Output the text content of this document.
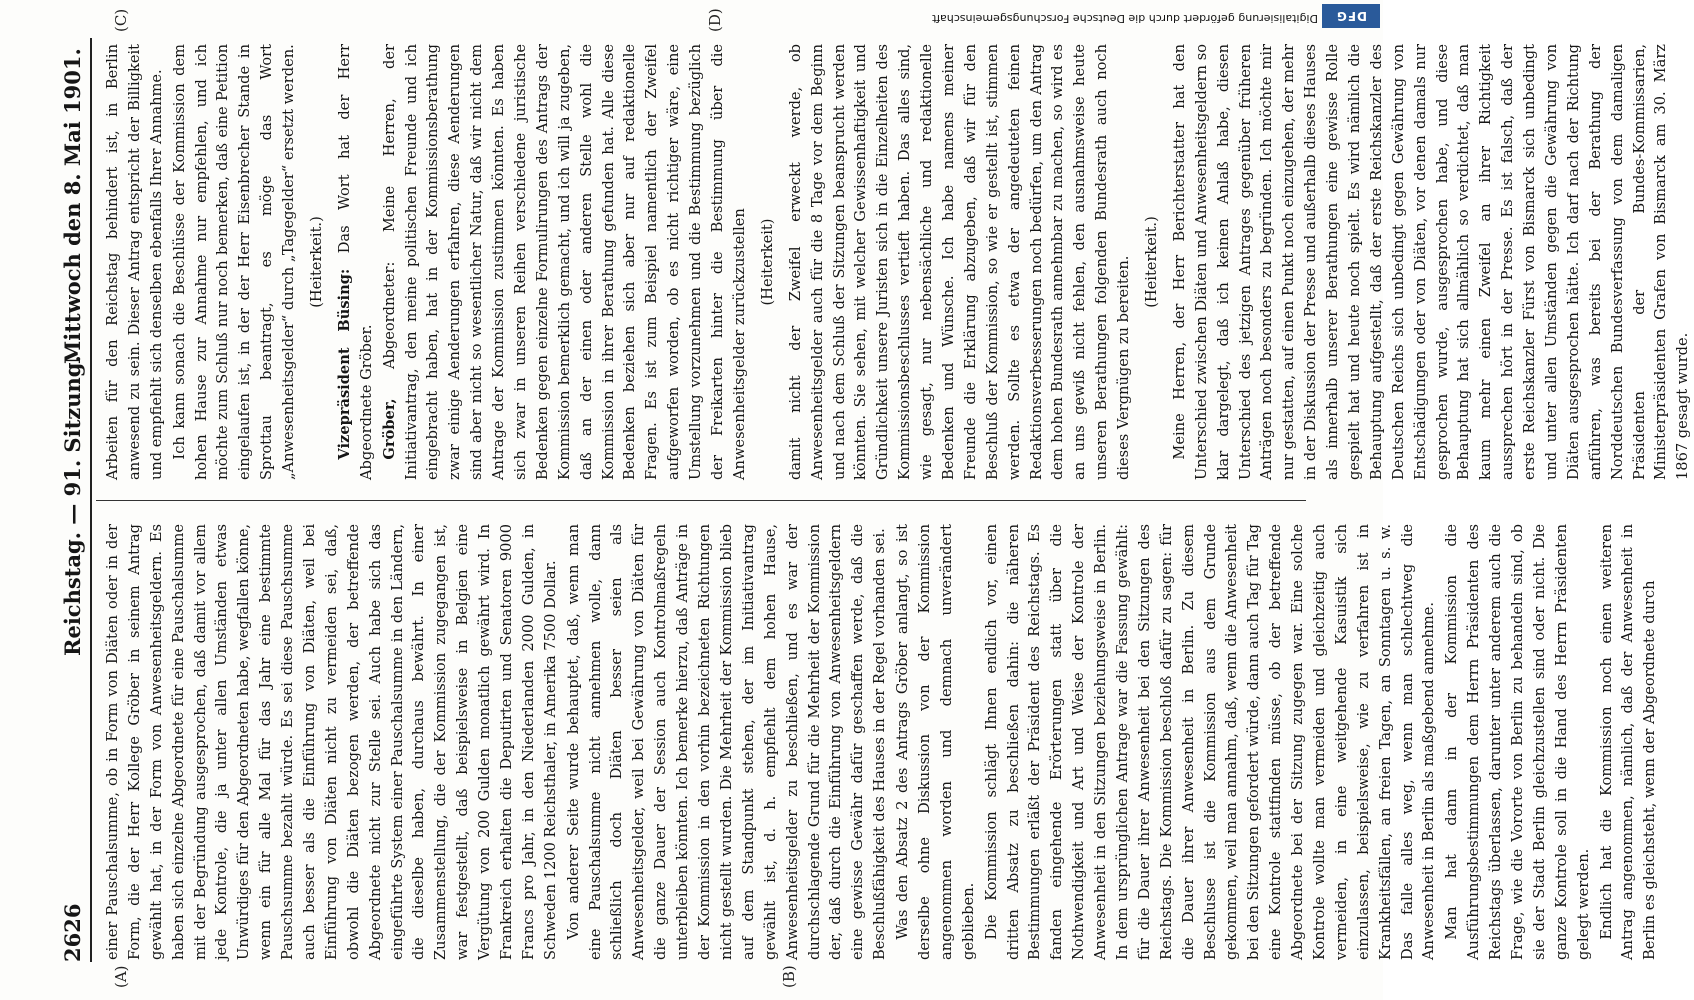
2626
Reichstag. — 91. Sitzung.
Mittwoch den 8. Mai 1901.
(A)	(B)
(C)	(D)

einer Pauschalsumme, ob in Form von Diäten oder in der Form, die der Herr Kollege Gröber in seinem Antrag gewählt hat, in der Form von Anwesenheitsgeldern. Es haben sich einzelne Abgeordnete für eine Pauschalsumme mit der Begründung ausgesprochen, daß damit vor allem jede Kontrole, die ja unter allen Umständen etwas Unwürdiges für den Abgeordneten habe, wegfallen könne, wenn ein für alle Mal für das Jahr eine bestimmte Pauschsumme bezahlt würde. Es sei diese Pauschsumme auch besser als die Einführung von Diäten, weil bei Einführung von Diäten nicht zu vermeiden sei, daß, obwohl die Diäten bezogen werden, der betreffende Abgeordnete nicht zur Stelle sei. Auch habe sich das eingeführte System einer Pauschalsumme in den Ländern, die dieselbe haben, durchaus bewährt. In einer Zusammenstellung, die der Kommission zugegangen ist, war festgestellt, daß beispielsweise in Belgien eine Vergütung von 200 Gulden monatlich gewährt wird. In Frankreich erhalten die Deputirten und Senatoren 9000 Francs pro Jahr, in den Niederlanden 2000 Gulden, in Schweden 1200 Reichsthaler, in Amerika 7500 Dollar. Von anderer Seite wurde behauptet, daß, wenn man eine Pauschalsumme nicht annehmen wolle, dann schließlich doch Diäten besser seien als Anwesenheitsgelder, weil bei Gewährung von Diäten für die ganze Dauer der Session auch Kontrolmaßregeln unterbleiben könnten. Ich bemerke hierzu, daß Anträge in der Kommission in den vorhin bezeichneten Richtungen nicht gestellt wurden. Die Mehrheit der Kommission blieb auf dem Standpunkt stehen, der im Initiativantrag gewählt ist, d. h. empfiehlt dem hohen Hause, Anwesenheitsgelder zu beschließen, und es war der durchschlagende Grund für die Mehrheit der Kommission der, daß durch die Einführung von Anwesenheitsgeldern eine gewisse Gewähr dafür geschaffen werde, daß die Beschlußfähigkeit des Hauses in der Regel vorhanden sei. Was den Absatz 2 des Antrags Gröber anlangt, so ist derselbe ohne Diskussion von der Kommission angenommen worden und demnach unverändert geblieben. Die Kommission schlägt Ihnen endlich vor, einen dritten Absatz zu beschließen dahin: die näheren Bestimmungen erläßt der Präsident des Reichstags. Es fanden eingehende Erörterungen statt über die Nothwendigkeit und Art und Weise der Kontrole der Anwesenheit in den Sitzungen beziehungsweise in Berlin. In dem ursprünglichen Antrage war die Fassung gewählt: für die Dauer ihrer Anwesenheit bei den Sitzungen des Reichstags. Die Kommission beschloß dafür zu sagen: für die Dauer ihrer Anwesenheit in Berlin. Zu diesem Beschlusse ist die Kommission aus dem Grunde gekommen, weil man annahm, daß, wenn die Anwesenheit bei den Sitzungen gefordert würde, dann auch Tag für Tag eine Kontrole stattfinden müsse, ob der betreffende Abgeordnete bei der Sitzung zugegen war. Eine solche Kontrole wollte man vermeiden und gleichzeitig auch vermeiden, in eine weitgehende Kasuistik sich einzulassen, beispielsweise, wie zu verfahren ist in Krankheitsfällen, an freien Tagen, an Sonntagen u. s. w. Das falle alles weg, wenn man schlechtweg die Anwesenheit in Berlin als maßgebend annehme. Man hat dann in der Kommission die Ausführungsbestimmungen dem Herrn Präsidenten des Reichstags überlassen, darunter unter anderem auch die Frage, wie die Vororte von Berlin zu behandeln sind, ob sie der Stadt Berlin gleichzustellen sind oder nicht. Die ganze Kontrole soll in die Hand des Herrn Präsidenten gelegt werden. Endlich hat die Kommission noch einen weiteren Antrag angenommen, nämlich, daß der Anwesenheit in Berlin es gleichsteht, wenn der Abgeordnete durch

Arbeiten für den Reichstag behindert ist, in Berlin anwesend zu sein. Dieser Antrag entspricht der Billigkeit und empfiehlt sich denselben ebenfalls Ihrer Annahme. Ich kann sonach die Beschlüsse der Kommission dem hohen Hause zur Annahme nur empfehlen, und ich möchte zum Schluß nur noch bemerken, daß eine Petition eingelaufen ist, in der der Herr Eisenbrecher Stande in Sprottau beantragt, es möge das Wort „Anwesenheitsgelder“ durch „Tagegelder“ ersetzt werden. (Heiterkeit.)

Vizepräsident Büsing: Das Wort hat der Herr Abgeordnete Gröber. Gröber, Abgeordneter: Meine Herren, der Initiativantrag, den meine politischen Freunde und ich eingebracht haben, hat in der Kommissionsberathung zwar einige Aenderungen erfahren, diese Aenderungen sind aber nicht so wesentlicher Natur, daß wir nicht dem Antrage der Kommission zustimmen könnten. Es haben sich zwar in unseren Reihen verschiedene juristische Bedenken gegen einzelne Formulirungen des Antrags der Kommission bemerklich gemacht, und ich will ja zugeben, daß an der einen oder anderen Stelle wohl die Kommission in ihrer Berathung gefunden hat. Alle diese Bedenken beziehen sich aber nur auf redaktionelle Fragen. Es ist zum Beispiel namentlich der Zweifel aufgeworfen worden, ob es nicht richtiger wäre, eine Umstellung vorzunehmen und die Bestimmung bezüglich der Freikarten hinter die Bestimmung über die Anwesenheitsgelder zurückzustellen (Heiterkeit) damit nicht der Zweifel erweckt werde, ob Anwesenheitsgelder auch für die 8 Tage vor dem Beginn und nach dem Schluß der Sitzungen beansprucht werden könnten. Sie sehen, mit welcher Gewissenhaftigkeit und Gründlichkeit unsere Juristen sich in die Einzelheiten des Kommissionsbeschlusses vertieft haben. Das alles sind, wie gesagt, nur nebensächliche und redaktionelle Bedenken und Wünsche. Ich habe namens meiner Freunde die Erklärung abzugeben, daß wir für den Beschluß der Kommission, so wie er gestellt ist, stimmen werden. Sollte es etwa der angedeuteten feinen Redaktionsverbesserungen noch bedürfen, um den Antrag dem hohen Bundesrath annehmbar zu machen, so wird es an uns gewiß nicht fehlen, den ausnahmsweise heute unseren Berathungen folgenden Bundesrath auch noch dieses Vergnügen zu bereiten. (Heiterkeit.) Meine Herren, der Herr Berichterstatter hat den Unterschied zwischen Diäten und Anwesenheitsgeldern so klar dargelegt, daß ich keinen Anlaß habe, diesen Unterschied des jetzigen Antrages gegenüber früheren Anträgen noch besonders zu begründen. Ich möchte mir nur gestatten, auf einen Punkt noch einzugehen, der mehr in der Diskussion der Presse und außerhalb dieses Hauses als innerhalb unserer Berathungen eine gewisse Rolle gespielt hat und heute noch spielt. Es wird nämlich die Behauptung aufgestellt, daß der erste Reichskanzler des Deutschen Reichs sich unbedingt gegen Gewährung von Entschädigungen oder von Diäten, vor denen damals nur gesprochen wurde, ausgesprochen habe, und diese Behauptung hat sich allmählich so verdichtet, daß man kaum mehr einen Zweifel an ihrer Richtigkeit aussprechen hört in der Presse. Es ist falsch, daß der erste Reichskanzler Fürst von Bismarck sich unbedingt und unter allen Umständen gegen die Gewährung von Diäten ausgesprochen hätte. Ich darf nach der Richtung anführen, was bereits bei der Berathung der Norddeutschen Bundesverfassung von dem damaligen Präsidenten der Bundes-Kommissarien, Ministerpräsidenten Grafen von Bismarck am 30. März 1867 gesagt wurde.

Digitalisierung gefördert durch die Deutsche Forschungsgemeinschaft	DFG
